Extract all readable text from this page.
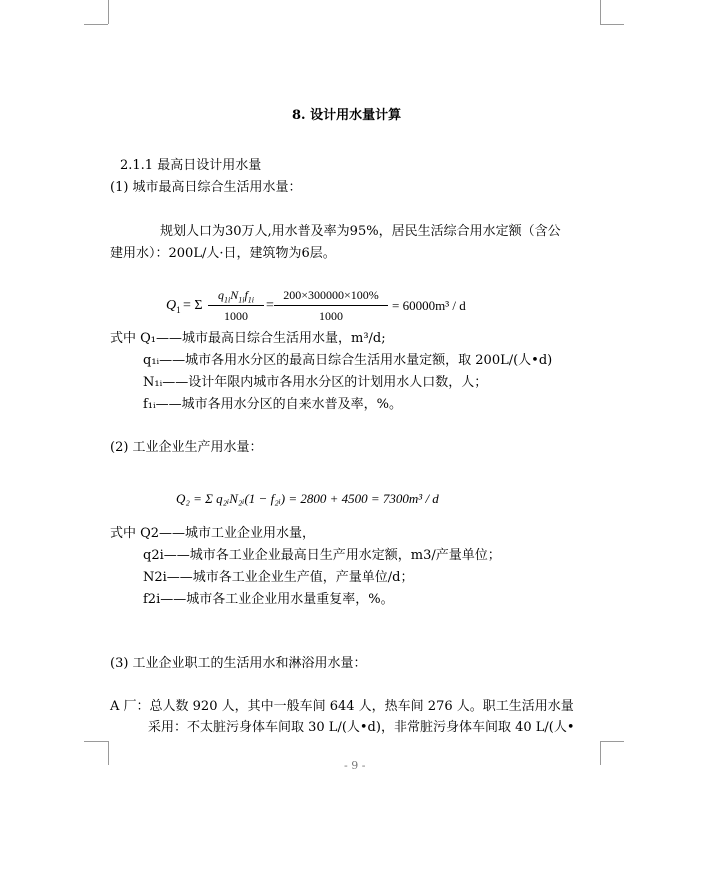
8. 设计用水量计算
2.1.1 最高日设计用水量
(1) 城市最高日综合生活用水量：
规划人口为30万人,用水普及率为95%，居民生活综合用水定额（含公
建用水）：200L/人·日，建筑物为6层。
$Q_1 = \Sigma$
$q_{1i}N_{1i}f_{1i}$
1000
=
200×300000×100%
1000
= 60000m³ / d
式中 Q₁——城市最高日综合生活用水量，m³/d;
q₁ᵢ——城市各用水分区的最高日综合生活用水量定额，取 200L/(人•d)
N₁ᵢ——设计年限内城市各用水分区的计划用水人口数，人；
f₁ᵢ——城市各用水分区的自来水普及率，%。
(2) 工业企业生产用水量：
Q₂ = Σ q₂ᵢN₂ᵢ(1 − f₂ᵢ) = 2800 + 4500 = 7300m³ / d
式中 Q2——城市工业企业用水量，
q2i——城市各工业企业最高日生产用水定额，m3/产量单位；
N2i——城市各工业企业生产值，产量单位/d；
f2i——城市各工业企业用水量重复率，%。
(3) 工业企业职工的生活用水和淋浴用水量：
A 厂：总人数 920 人，其中一般车间 644 人，热车间 276 人。职工生活用水量
采用：不太脏污身体车间取 30 L/(人•d)，非常脏污身体车间取 40 L/(人•
- 9 -
